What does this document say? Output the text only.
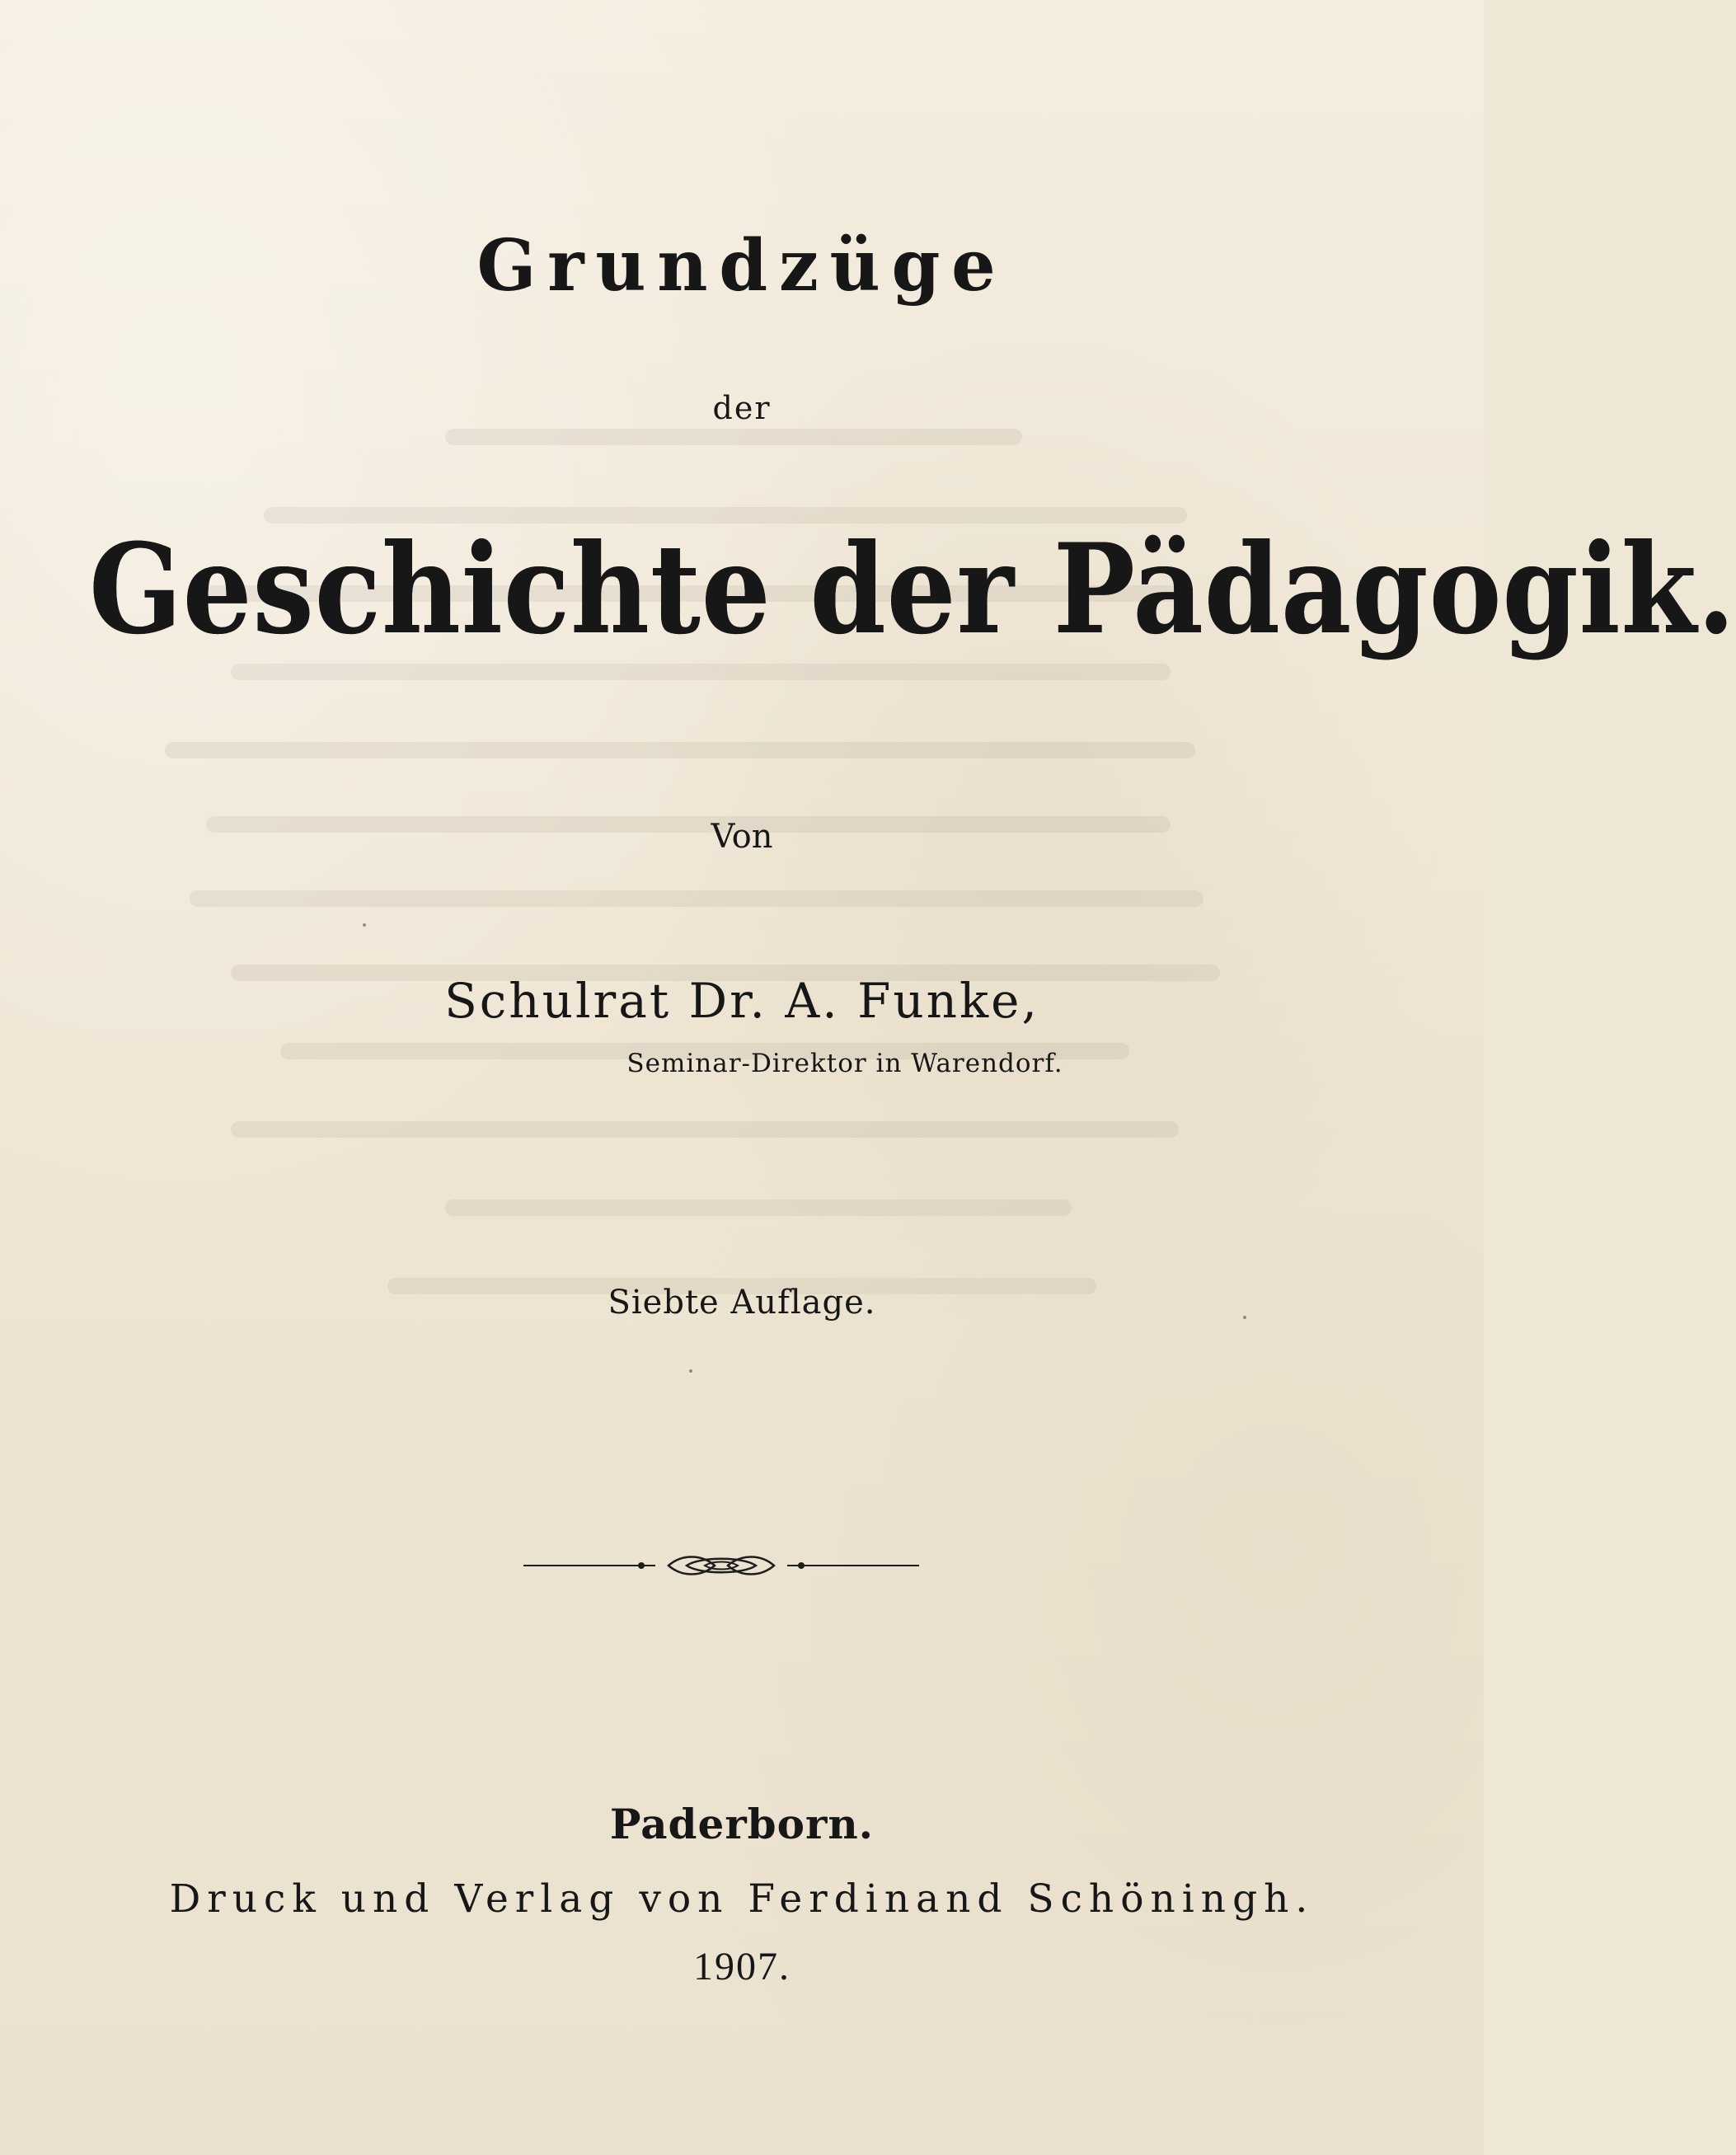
Grundzüge

der

Geschichte der Pädagogik.

Von

Schulrat Dr. A. Funke,

Seminar-Direktor in Warendorf.

Siebte Auflage.

Paderborn.

Druck und Verlag von Ferdinand Schöningh.

1907.
